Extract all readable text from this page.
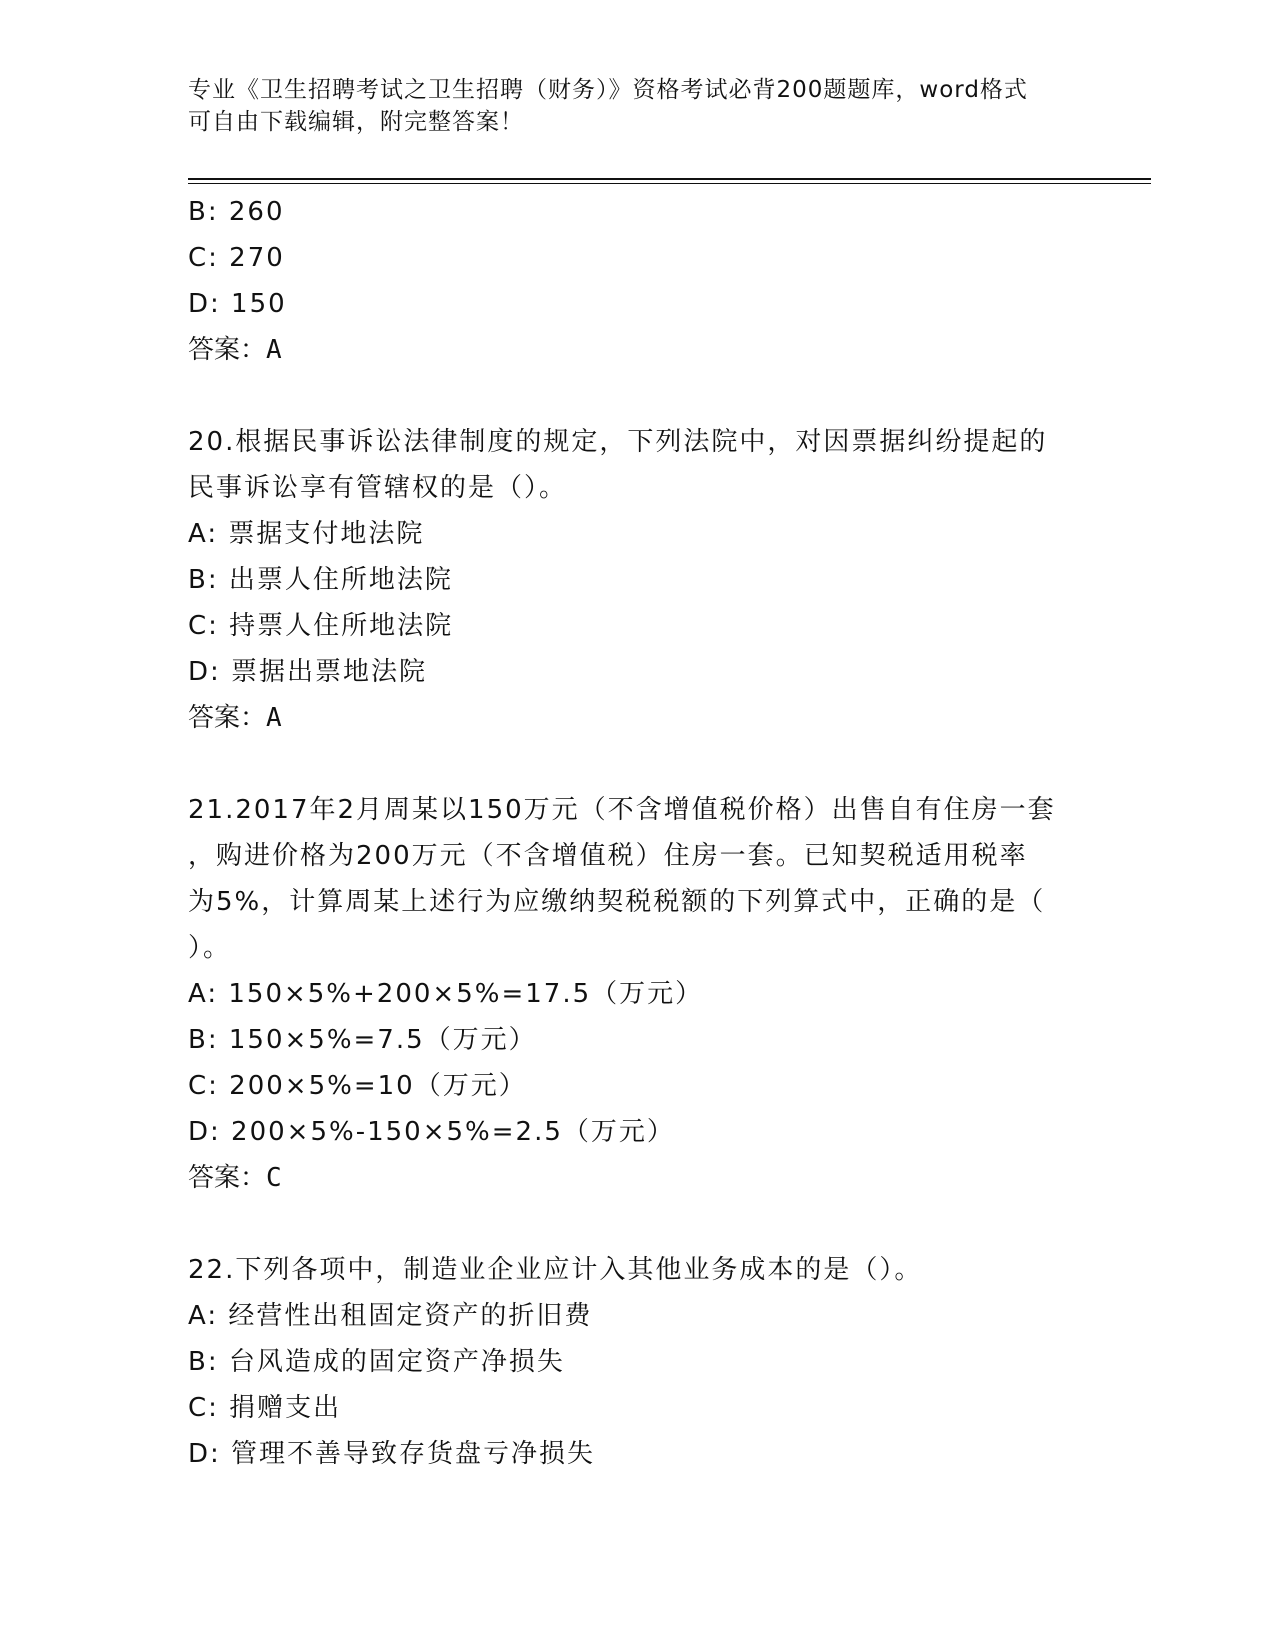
专业《卫生招聘考试之卫生招聘（财务）》资格考试必背200题题库，word格式
可自由下载编辑，附完整答案！
B: 260
C: 270
D: 150
答案：A
20.根据民事诉讼法律制度的规定，下列法院中，对因票据纠纷提起的
民事诉讼享有管辖权的是（）。
A: 票据支付地法院
B: 出票人住所地法院
C: 持票人住所地法院
D: 票据出票地法院
答案：A
21.2017年2月周某以150万元（不含增值税价格）出售自有住房一套
，购进价格为200万元（不含增值税）住房一套。已知契税适用税率
为5%，计算周某上述行为应缴纳契税税额的下列算式中，正确的是（
）。
A: 150×5%+200×5%=17.5（万元）
B: 150×5%=7.5（万元）
C: 200×5%=10（万元）
D: 200×5%-150×5%=2.5（万元）
答案：C
22.下列各项中，制造业企业应计入其他业务成本的是（）。
A: 经营性出租固定资产的折旧费
B: 台风造成的固定资产净损失
C: 捐赠支出
D: 管理不善导致存货盘亏净损失
